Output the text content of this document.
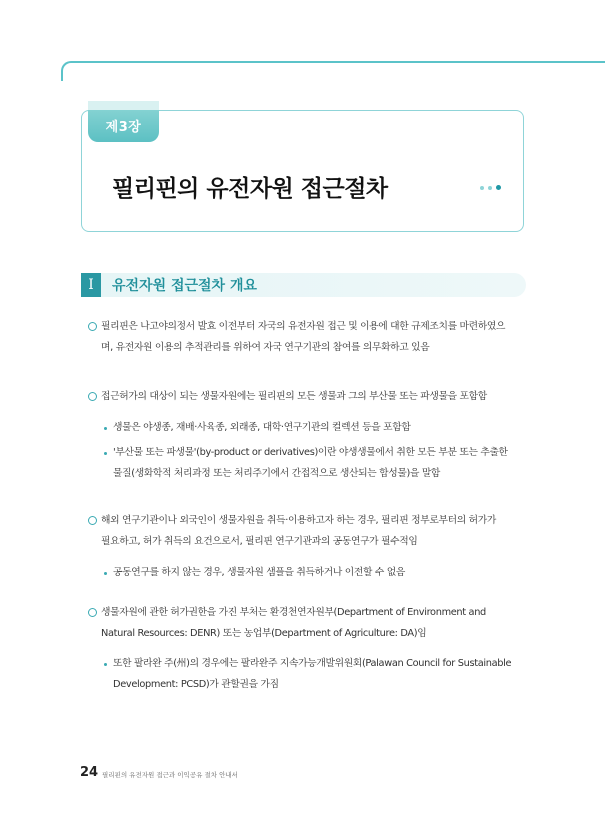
제3장
필리핀의 유전자원 접근절차
I	유전자원 접근절차 개요
필리핀은 나고야의정서 발효 이전부터 자국의 유전자원 접근 및 이용에 대한 규제조치를 마련하였으
며, 유전자원 이용의 추적관리를 위하여 자국 연구기관의 참여를 의무화하고 있음
접근허가의 대상이 되는 생물자원에는 필리핀의 모든 생물과 그의 부산물 또는 파생물을 포함함
생물은 야생종, 재배·사육종, 외래종, 대학·연구기관의 컬렉션 등을 포함함
'부산물 또는 파생물'(by-product or derivatives)이란 야생생물에서 취한 모든 부분 또는 추출한
물질(생화학적 처리과정 또는 처리주기에서 간접적으로 생산되는 합성물)을 말함
해외 연구기관이나 외국인이 생물자원을 취득·이용하고자 하는 경우, 필리핀 정부로부터의 허가가
필요하고, 허가 취득의 요건으로서, 필리핀 연구기관과의 공동연구가 필수적임
공동연구를 하지 않는 경우, 생물자원 샘플을 취득하거나 이전할 수 없음
생물자원에 관한 허가권한을 가진 부처는 환경천연자원부(Department of Environment and
Natural Resources: DENR) 또는 농업부(Department of Agriculture: DA)임
또한 팔라완 주(州)의 경우에는 팔라완주 지속가능개발위원회(Palawan Council for Sustainable
Development: PCSD)가 관할권을 가짐
24 필리핀의 유전자원 접근과 이익공유 절차 안내서
